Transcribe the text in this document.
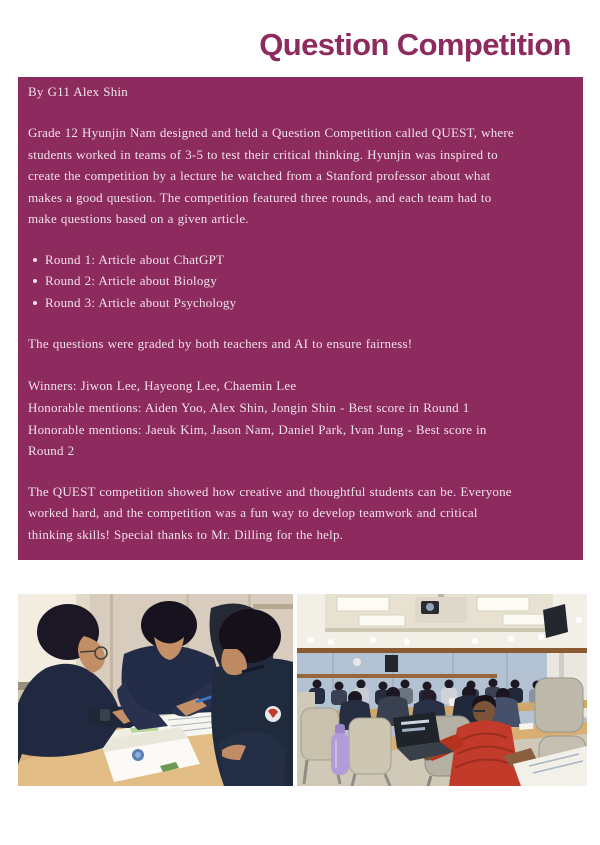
Question Competition

By G11 Alex Shin

Grade 12 Hyunjin Nam designed and held a Question Competition called QUEST, where students worked in teams of 3-5 to test their critical thinking. Hyunjin was inspired to create the competition by a lecture he watched from a Stanford professor about what makes a good question. The competition featured three rounds, and each team had to make questions based on a given article.

Round 1: Article about ChatGPT
Round 2: Article about Biology
Round 3: Article about Psychology

The questions were graded by both teachers and AI to ensure fairness!

Winners: Jiwon Lee, Hayeong Lee, Chaemin Lee

Honorable mentions: Aiden Yoo, Alex Shin, Jongin Shin - Best score in Round 1

Honorable mentions: Jaeuk Kim, Jason Nam, Daniel Park, Ivan Jung - Best score in Round 2

The QUEST competition showed how creative and thoughtful students can be. Everyone worked hard, and the competition was a fun way to develop teamwork and critical thinking skills! Special thanks to Mr. Dilling for the help.
